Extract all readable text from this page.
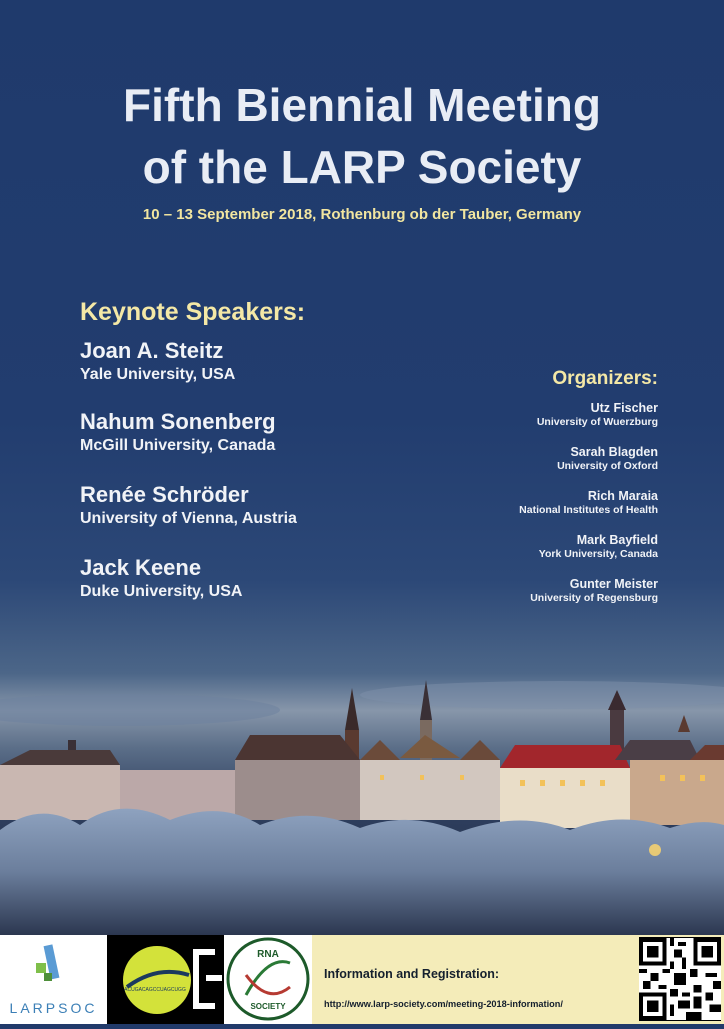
Fifth Biennial Meeting
of the LARP Society
10 – 13 September 2018, Rothenburg ob der Tauber, Germany
Keynote Speakers:
Joan A. Steitz
Yale University, USA
Nahum Sonenberg
McGill University, Canada
Renée Schröder
University of Vienna, Austria
Jack Keene
Duke University, USA
Organizers:
Utz Fischer
University of Wuerzburg
Sarah Blagden
University of Oxford
Rich Maraia
National Institutes of Health
Mark Bayfield
York University, Canada
Gunter Meister
University of Regensburg
LARPSOC
ACUGACAGCCUAGCUGG
RNA
SOCIETY
Information and Registration:
http://www.larp-society.com/meeting-2018-information/
